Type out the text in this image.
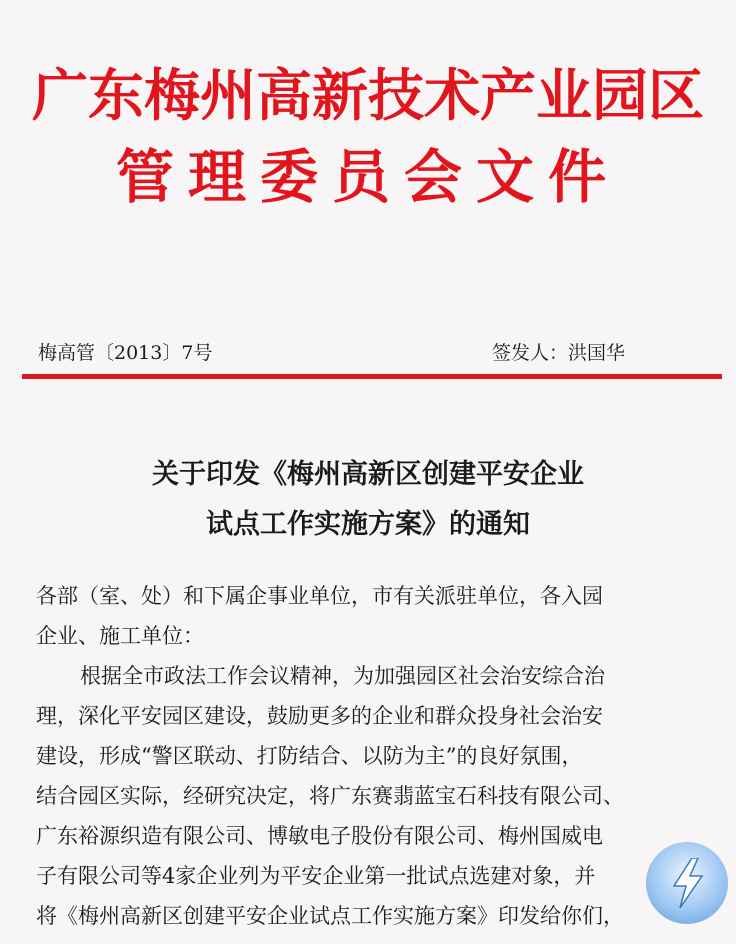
广东梅州高新技术产业园区
管理委员会文件
梅高管〔2013〕7号	签发人：洪国华
关于印发《梅州高新区创建平安企业
试点工作实施方案》的通知
各部（室、处）和下属企事业单位，市有关派驻单位，各入园
企业、施工单位：
根据全市政法工作会议精神，为加强园区社会治安综合治
理，深化平安园区建设，鼓励更多的企业和群众投身社会治安
建设，形成“警区联动、打防结合、以防为主”的良好氛围，
结合园区实际，经研究决定，将广东赛翡蓝宝石科技有限公司、
广东裕源织造有限公司、博敏电子股份有限公司、梅州国威电
子有限公司等4家企业列为平安企业第一批试点选建对象，并
将《梅州高新区创建平安企业试点工作实施方案》印发给你们，
